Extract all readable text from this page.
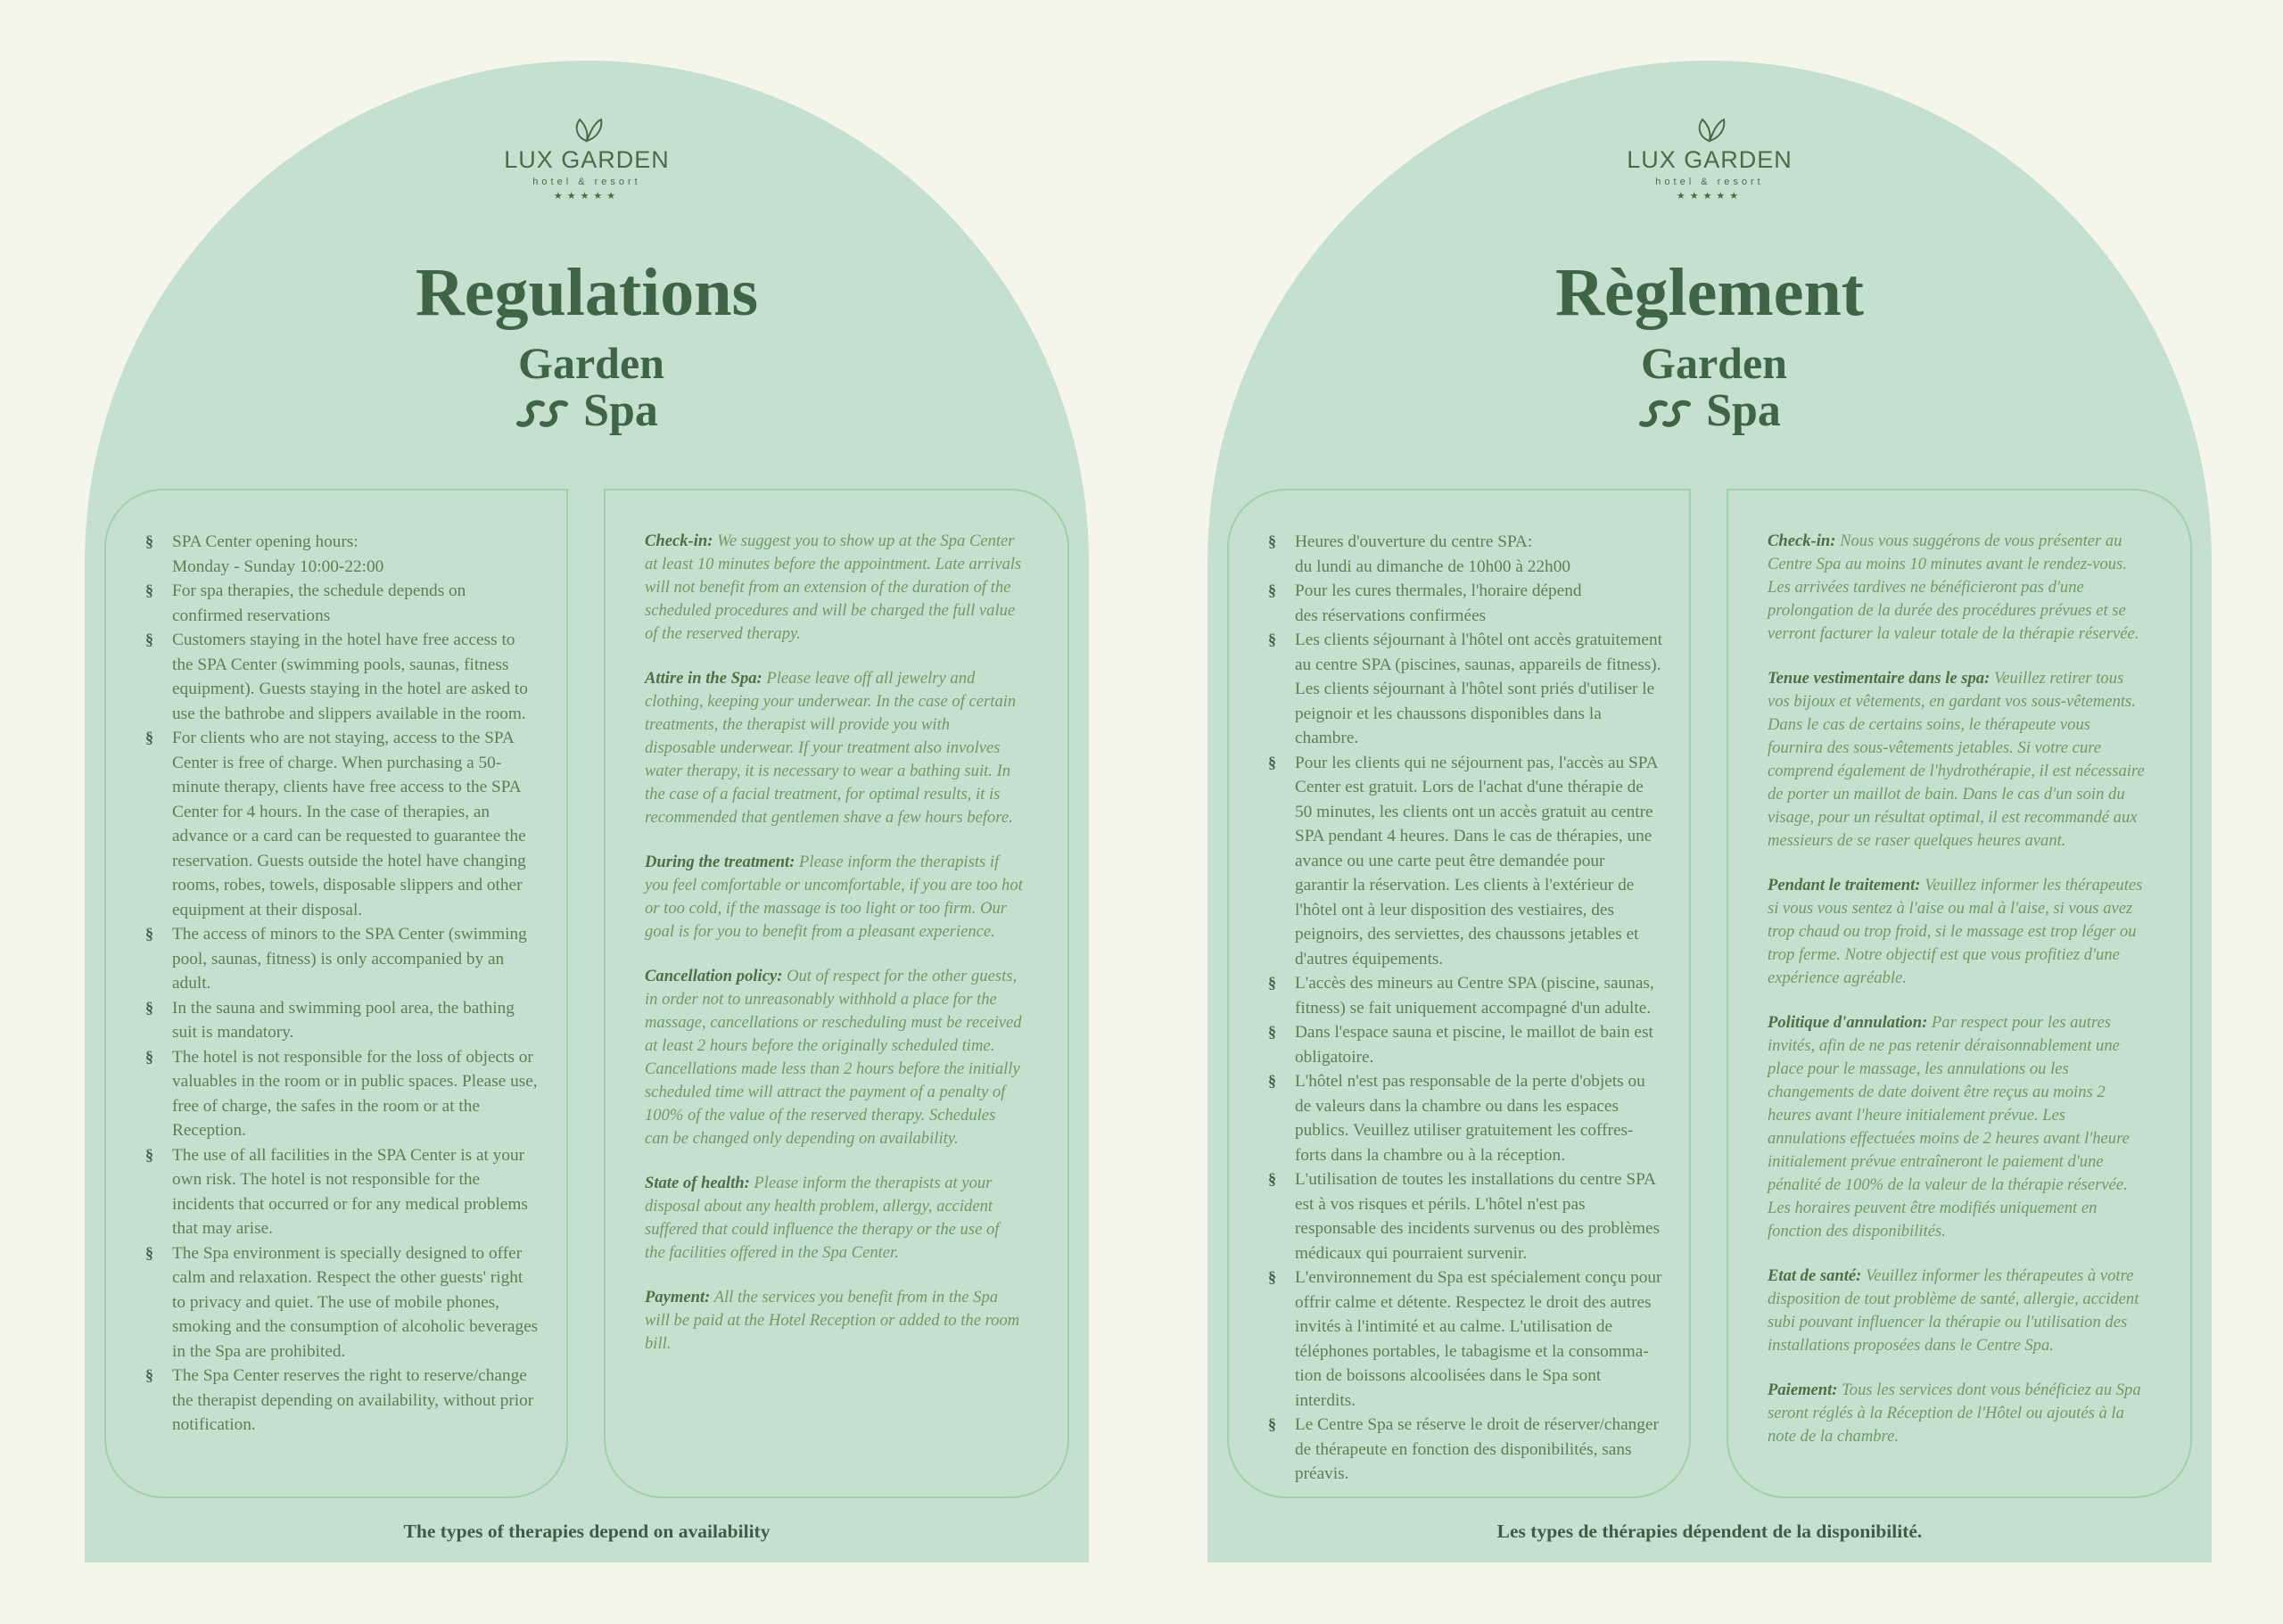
LUX GARDEN
hotel & resort
★★★★★
Regulations
Garden
Spa
§ SPA Center opening hours:
Monday - Sunday 10:00-22:00
§ For spa therapies, the schedule depends on confirmed reservations
§ Customers staying in the hotel have free access to the SPA Center (swimming pools, saunas, fitness equipment). Guests staying in the hotel are asked to use the bathrobe and slippers available in the room.
§ For clients who are not staying, access to the SPA Center is free of charge. When purchasing a 50-minute therapy, clients have free access to the SPA Center for 4 hours. In the case of therapies, an advance or a card can be requested to guarantee the reservation. Guests outside the hotel have changing rooms, robes, towels, disposable slippers and other equipment at their disposal.
§ The access of minors to the SPA Center (swimming pool, saunas, fitness) is only accompanied by an adult.
§ In the sauna and swimming pool area, the bathing suit is mandatory.
§ The hotel is not responsible for the loss of objects or valuables in the room or in public spaces. Please use, free of charge, the safes in the room or at the Reception.
§ The use of all facilities in the SPA Center is at your own risk. The hotel is not responsible for the incidents that occurred or for any medical problems that may arise.
§ The Spa environment is specially designed to offer calm and relaxation. Respect the other guests' right to privacy and quiet. The use of mobile phones, smoking and the consumption of alcoholic beverages in the Spa are prohibited.
§ The Spa Center reserves the right to reserve/change the therapist depending on availability, without prior notification.

Check-in: We suggest you to show up at the Spa Center at least 10 minutes before the appointment. Late arrivals will not benefit from an extension of the duration of the scheduled procedures and will be charged the full value of the reserved therapy.

Attire in the Spa: Please leave off all jewelry and clothing, keeping your underwear. In the case of certain treatments, the therapist will provide you with disposable underwear. If your treatment also involves water therapy, it is necessary to wear a bathing suit. In the case of a facial treatment, for optimal results, it is recommended that gentlemen shave a few hours before.

During the treatment: Please inform the therapists if you feel comfortable or uncomfortable, if you are too hot or too cold, if the massage is too light or too firm. Our goal is for you to benefit from a pleasant experience.

Cancellation policy: Out of respect for the other guests, in order not to unreasonably withhold a place for the massage, cancellations or rescheduling must be received at least 2 hours before the originally scheduled time. Cancellations made less than 2 hours before the initially scheduled time will attract the payment of a penalty of 100% of the value of the reserved therapy. Schedules can be changed only depending on availability.

State of health: Please inform the therapists at your disposal about any health problem, allergy, accident suffered that could influence the therapy or the use of the facilities offered in the Spa Center.

Payment: All the services you benefit from in the Spa will be paid at the Hotel Reception or added to the room bill.

The types of therapies depend on availability
LUX GARDEN
hotel & resort
★★★★★
Règlement
Garden
Spa
§ Heures d'ouverture du centre SPA:
du lundi au dimanche de 10h00 à 22h00
§ Pour les cures thermales, l'horaire dépend
des réservations confirmées
§ Les clients séjournant à l'hôtel ont accès gratuitement au centre SPA (piscines, saunas, appareils de fitness). Les clients séjournant à l'hôtel sont priés d'utiliser le peignoir et les chaussons disponibles dans la chambre.
§ Pour les clients qui ne séjournent pas, l'accès au SPA Center est gratuit. Lors de l'achat d'une thérapie de 50 minutes, les clients ont un accès gratuit au centre SPA pendant 4 heures. Dans le cas de thérapies, une avance ou une carte peut être demandée pour garantir la réservation. Les clients à l'extérieur de l'hôtel ont à leur disposition des vestiaires, des peignoirs, des serviettes, des chaussons jetables et d'autres équipements.
§ L'accès des mineurs au Centre SPA (piscine, saunas, fitness) se fait uniquement accompagné d'un adulte.
§ Dans l'espace sauna et piscine, le maillot de bain est obligatoire.
§ L'hôtel n'est pas responsable de la perte d'objets ou de valeurs dans la chambre ou dans les espaces publics. Veuillez utiliser gratuitement les coffres-forts dans la chambre ou à la réception.
§ L'utilisation de toutes les installations du centre SPA est à vos risques et périls. L'hôtel n'est pas responsable des incidents survenus ou des problèmes médicaux qui pourraient survenir.
§ L'environnement du Spa est spécialement conçu pour offrir calme et détente. Respectez le droit des autres invités à l'intimité et au calme. L'utilisation de téléphones portables, le tabagisme et la consomma-tion de boissons alcoolisées dans le Spa sont interdits.
§ Le Centre Spa se réserve le droit de réserver/changer de thérapeute en fonction des disponibilités, sans préavis.

Check-in: Nous vous suggérons de vous présenter au Centre Spa au moins 10 minutes avant le rendez-vous. Les arrivées tardives ne bénéficieront pas d'une prolongation de la durée des procédures prévues et se verront facturer la valeur totale de la thérapie réservée.

Tenue vestimentaire dans le spa: Veuillez retirer tous vos bijoux et vêtements, en gardant vos sous-vêtements. Dans le cas de certains soins, le thérapeute vous fournira des sous-vêtements jetables. Si votre cure comprend également de l'hydrothérapie, il est nécessaire de porter un maillot de bain. Dans le cas d'un soin du visage, pour un résultat optimal, il est recommandé aux messieurs de se raser quelques heures avant.

Pendant le traitement: Veuillez informer les thérapeutes si vous vous sentez à l'aise ou mal à l'aise, si vous avez trop chaud ou trop froid, si le massage est trop léger ou trop ferme. Notre objectif est que vous profitiez d'une expérience agréable.

Politique d'annulation: Par respect pour les autres invités, afin de ne pas retenir déraisonnablement une place pour le massage, les annulations ou les changements de date doivent être reçus au moins 2 heures avant l'heure initialement prévue. Les annulations effectuées moins de 2 heures avant l'heure initialement prévue entraîneront le paiement d'une pénalité de 100% de la valeur de la thérapie réservée. Les horaires peuvent être modifiés uniquement en fonction des disponibilités.

Etat de santé: Veuillez informer les thérapeutes à votre disposition de tout problème de santé, allergie, accident subi pouvant influencer la thérapie ou l'utilisation des installations proposées dans le Centre Spa.

Paiement: Tous les services dont vous bénéficiez au Spa seront réglés à la Réception de l'Hôtel ou ajoutés à la note de la chambre.

Les types de thérapies dépendent de la disponibilité.
